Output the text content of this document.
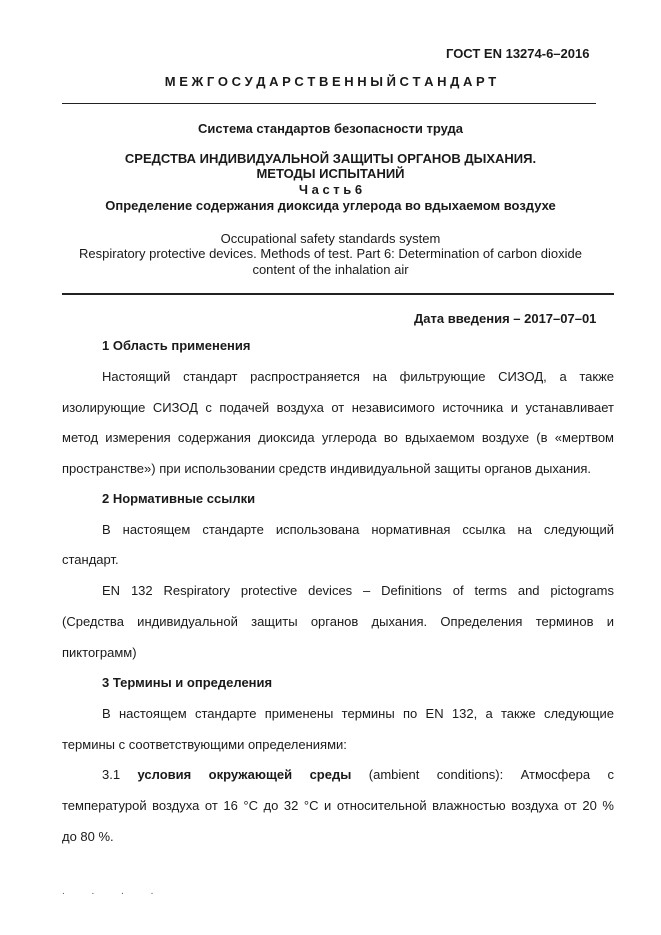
ГОСТ EN 13274-6–2016
М Е Ж Г О С У Д А Р С Т В Е Н Н Ы Й С Т А Н Д А Р Т
Система стандартов безопасности труда
СРЕДСТВА ИНДИВИДУАЛЬНОЙ ЗАЩИТЫ ОРГАНОВ ДЫХАНИЯ.
МЕТОДЫ ИСПЫТАНИЙ
Ч а с т ь 6
Определение содержания диоксида углерода во вдыхаемом воздухе
Occupational safety standards system
Respiratory protective devices. Methods of test. Part 6: Determination of carbon dioxide
content of the inhalation air
Дата введения – 2017–07–01
1 Область применения
Настоящий стандарт распространяется на фильтрующие СИЗОД, а также
изолирующие СИЗОД с подачей воздуха от независимого источника и устанавливает
метод измерения содержания диоксида углерода во вдыхаемом воздухе (в «мертвом
пространстве») при использовании средств индивидуальной защиты органов дыхания.
2 Нормативные ссылки
В настоящем стандарте использована нормативная ссылка на следующий
стандарт.
EN 132 Respiratory protective devices – Definitions of terms and pictograms
(Средства индивидуальной защиты органов дыхания. Определения терминов и
пиктограмм)
3 Термины и определения
В настоящем стандарте применены термины по EN 132, а также следующие
термины с соответствующими определениями:
3.1 условия окружающей среды (ambient conditions): Атмосфера с
температурой воздуха от 16 °С до 32 °С и относительной влажностью воздуха от 20 %
до 80 %.
. . . .
